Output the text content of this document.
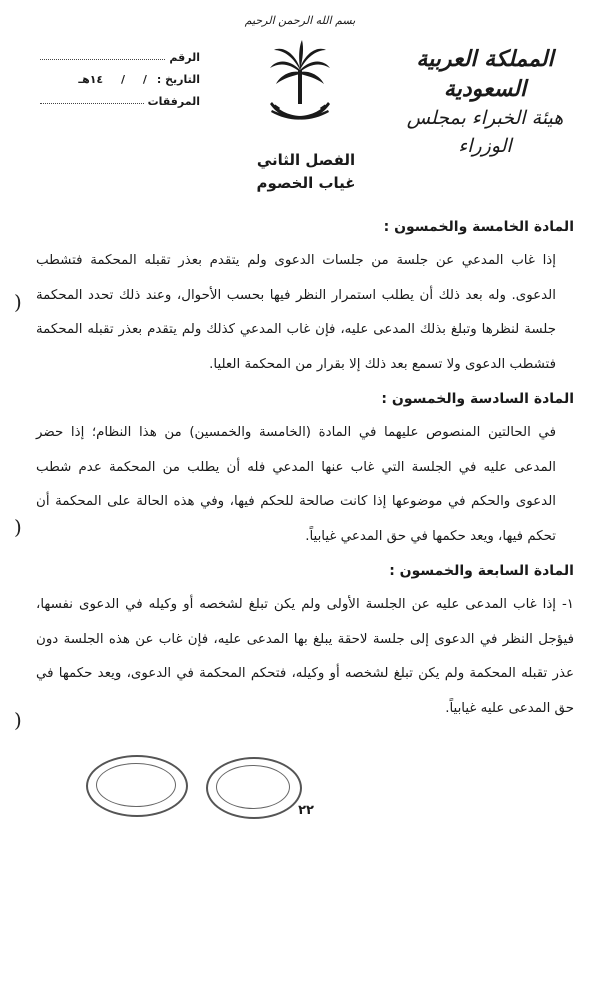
بسم الله الرحمن الرحيم
المملكة العربية السعودية
هيئة الخبراء بمجلس الوزراء
الرقم
التاريخ :
/ / ١٤هـ
المرفقات
الفصل الثاني
غياب الخصوم

المادة الخامسة والخمسون :

إذا غاب المدعي عن جلسة من جلسات الدعوى ولم يتقدم بعذر تقبله المحكمة فتشطب الدعوى. وله بعد ذلك أن يطلب استمرار النظر فيها بحسب الأحوال، وعند ذلك تحدد المحكمة جلسة لنظرها وتبلغ بذلك المدعى عليه، فإن غاب المدعي كذلك ولم يتقدم بعذر تقبله المحكمة فتشطب الدعوى ولا تسمع بعد ذلك إلا بقرار من المحكمة العليا.

المادة السادسة والخمسون :

في الحالتين المنصوص عليهما في المادة (الخامسة والخمسين) من هذا النظام؛ إذا حضر المدعى عليه في الجلسة التي غاب عنها المدعي فله أن يطلب من المحكمة عدم شطب الدعوى والحكم في موضوعها إذا كانت صالحة للحكم فيها، وفي هذه الحالة على المحكمة أن تحكم فيها، ويعد حكمها في حق المدعي غيابياً.

المادة السابعة والخمسون :

١- إذا غاب المدعى عليه عن الجلسة الأولى ولم يكن تبلغ لشخصه أو وكيله في الدعوى نفسها، فيؤجل النظر في الدعوى إلى جلسة لاحقة يبلغ بها المدعى عليه، فإن غاب عن هذه الجلسة دون عذر تقبله المحكمة ولم يكن تبلغ لشخصه أو وكيله، فتحكم المحكمة في الدعوى، ويعد حكمها في حق المدعى عليه غيابياً.

)
)
)
٢٢
